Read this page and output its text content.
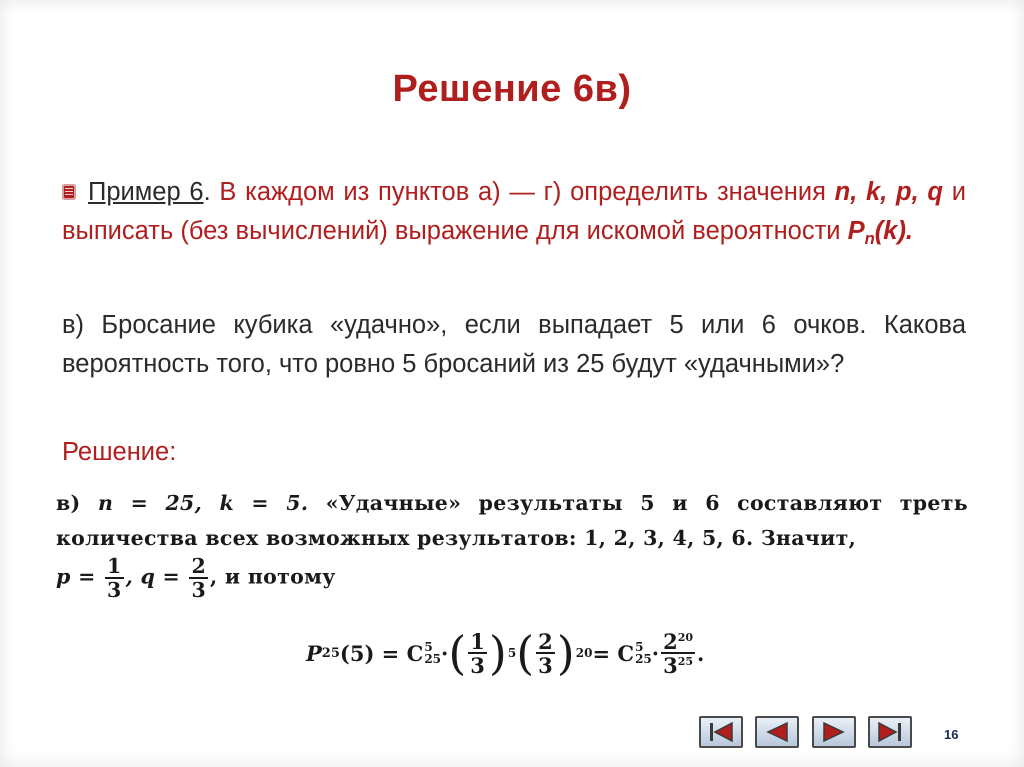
Решение 6в)
Пример 6. В каждом из пунктов а) — г) определить значения n, k, p, q и выписать (без вычислений) выражение для искомой вероятности $P_n(k)$.
в) Бросание кубика «удачно», если выпадает 5 или 6 очков. Какова вероятность того, что ровно 5 бросаний из 25 будут «удачными»?
Решение:
в) n = 25, k = 5. «Удачные» результаты 5 и 6 составляют треть количества всех возможных результатов: 1, 2, 3, 4, 5, 6. Значит,
$p = \frac{1}{3}$ , $q = \frac{2}{3}$ , и потому
P 25 (5) = C 5
25 · ( $\frac{1}{3}$ ) 5 ( $\frac{2}{3}$ ) 20 = C 5
$25 \cdot \frac{2^{20}}{3^{25}}$ .
16
